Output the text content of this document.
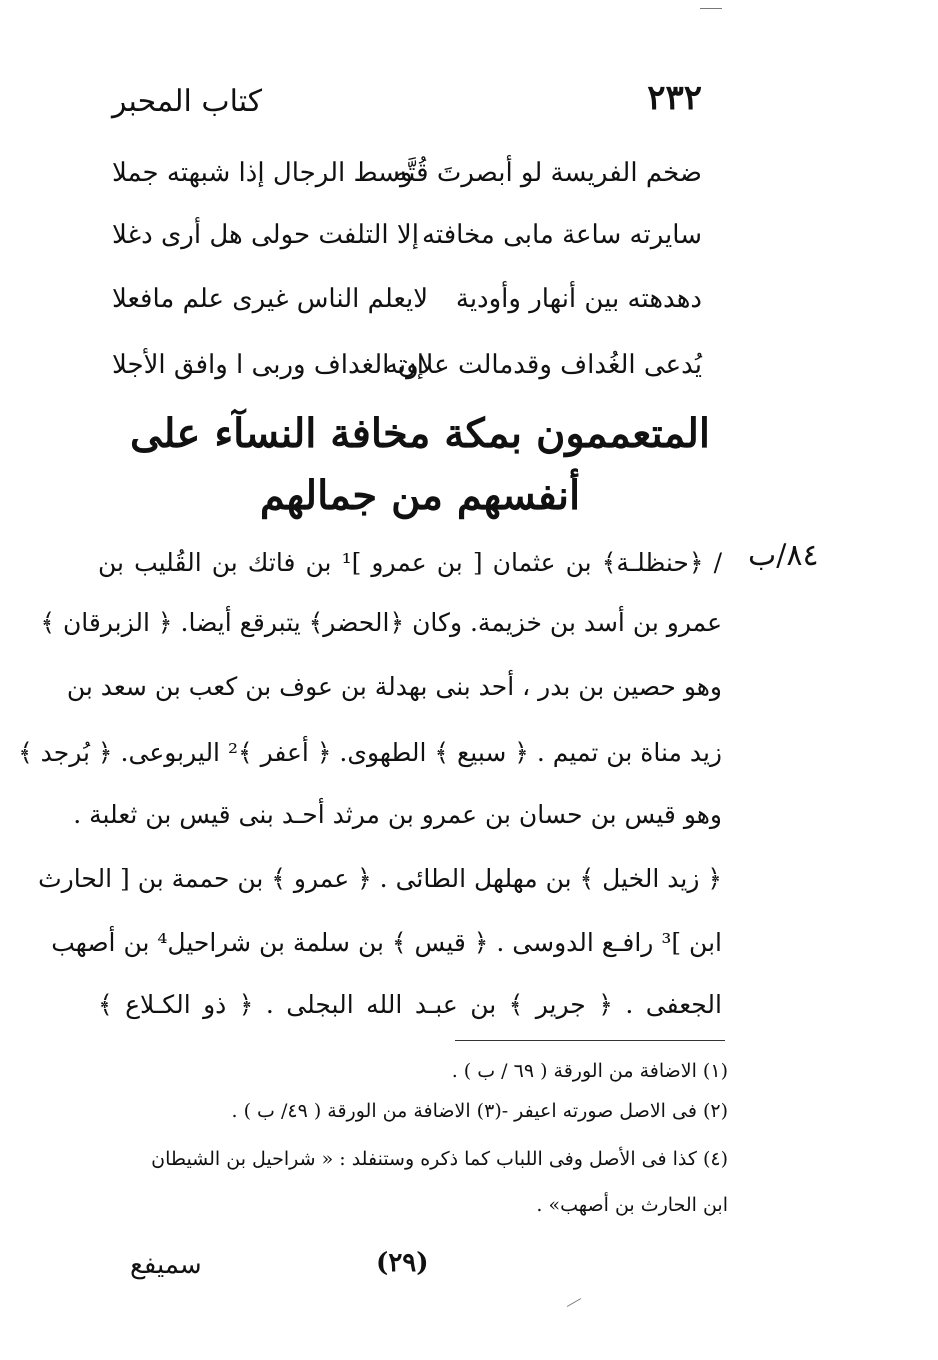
٢٣٢
كتاب المحبر
ضخم الفريسة لو أبصرتَ قُتَّه
وسط الرجال إذا شبهته جملا
سايرته ساعة مابى مخافته
إلا التلفت حولى هل أرى دغلا
دهدهته بين أنهار وأودية
لايعلم الناس غيرى علم مافعلا
يُدعى الغُداف وقدمالت علاوته
إن الغداف وربى ا وافق الأجلا
المتعممون بمكة مخافة النسآء على
أنفسهم من جمالهم
٨٤/ب
/ ﴿حنظلـة﴾ بن عثمان [ بن عمرو ]¹ بن فاتك بن القُليب بن
عمرو بن أسد بن خزيمة. وكان ﴿الحضر﴾ يتبرقع أيضا. ﴿ الزبرقان ﴾
وهو حصين بن بدر ، أحد بنى بهدلة بن عوف بن كعب بن سعد بن
زيد مناة بن تميم . ﴿ سبيع ﴾ الطهوى. ﴿ أعفر ﴾² اليربوعى. ﴿ بُرجد ﴾
وهو قيس بن حسان بن عمرو بن مرثد أحـد بنى قيس بن ثعلبة .
﴿ زيد الخيل ﴾ بن مهلهل الطائى . ﴿ عمرو ﴾ بن حممة بن [ الحارث
ابن ]³ رافـع الدوسى . ﴿ قيس ﴾ بن سلمة بن شراحيل⁴ بن أصهب
الجعفى . ﴿ جرير ﴾ بن عبـد الله البجلى . ﴿ ذو الكـلاع ﴾
(١) الاضافة من الورقة ( ٦٩ / ب ) .
(٢) فى الاصل صورته اعيفر -(٣) الاضافة من الورقة ( ٤٩/ ب ) .
(٤) كذا فى الأصل وفى اللباب كما ذكره وستنفلد : « شراحيل بن الشيطان
ابن الحارث بن أصهب» .
سميفع	(٢٩)
